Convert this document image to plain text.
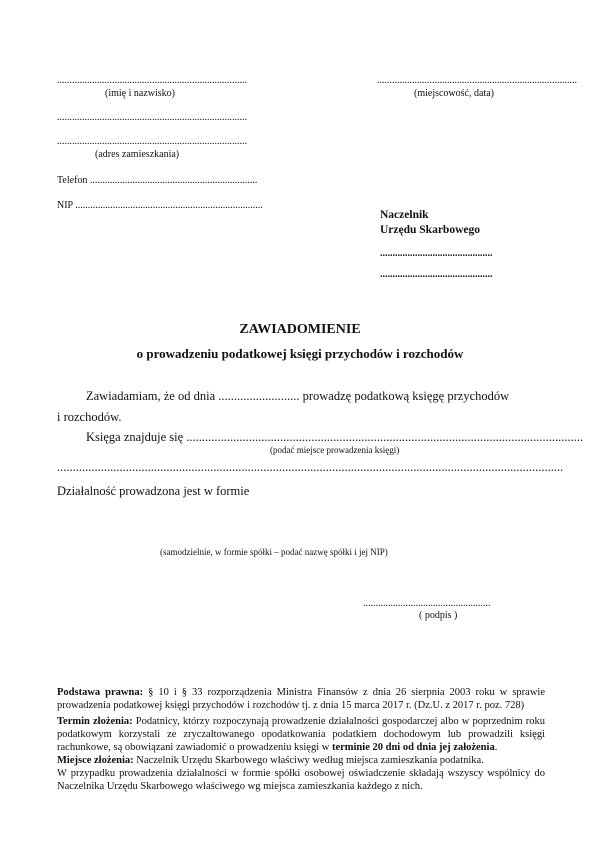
............................................................................
(imię i nazwisko)
................................................................................
(miejscowość, data)
............................................................................
............................................................................
(adres zamieszkania)
Telefon ...................................................................
NIP ...........................................................................
Naczelnik
Urzędu Skarbowego
.............................................
.............................................
ZAWIADOMIENIE
o prowadzeniu podatkowej księgi przychodów i rozchodów
Zawiadamiam, że od dnia .......................... prowadzę podatkową księgę przychodów
i rozchodów.
Księga znajduje się ...............................................................................................................................
(podać miejsce prowadzenia księgi)
..................................................................................................................................................................
Działalność prowadzona jest w formie
(samodzielnie, w formie spółki – podać nazwę spółki i jej NIP)
...................................................
( podpis )
Podstawa prawna: § 10 i § 33 rozporządzenia Ministra Finansów z dnia 26 sierpnia 2003 roku w sprawie prowadzenia podatkowej księgi przychodów i rozchodów tj. z dnia 15 marca 2017 r. (Dz.U. z 2017 r. poz. 728)
Termin złożenia: Podatnicy, którzy rozpoczynają prowadzenie działalności gospodarczej albo w poprzednim roku podatkowym korzystali ze zryczałtowanego opodatkowania podatkiem dochodowym lub prowadzili księgi rachunkowe, są obowiązani zawiadomić o prowadzeniu księgi w terminie 20 dni od dnia jej założenia.
Miejsce złożenia: Naczelnik Urzędu Skarbowego właściwy według miejsca zamieszkania podatnika.
W przypadku prowadzenia działalności w formie spółki osobowej oświadczenie składają wszyscy wspólnicy do Naczelnika Urzędu Skarbowego właściwego wg miejsca zamieszkania każdego z nich.
